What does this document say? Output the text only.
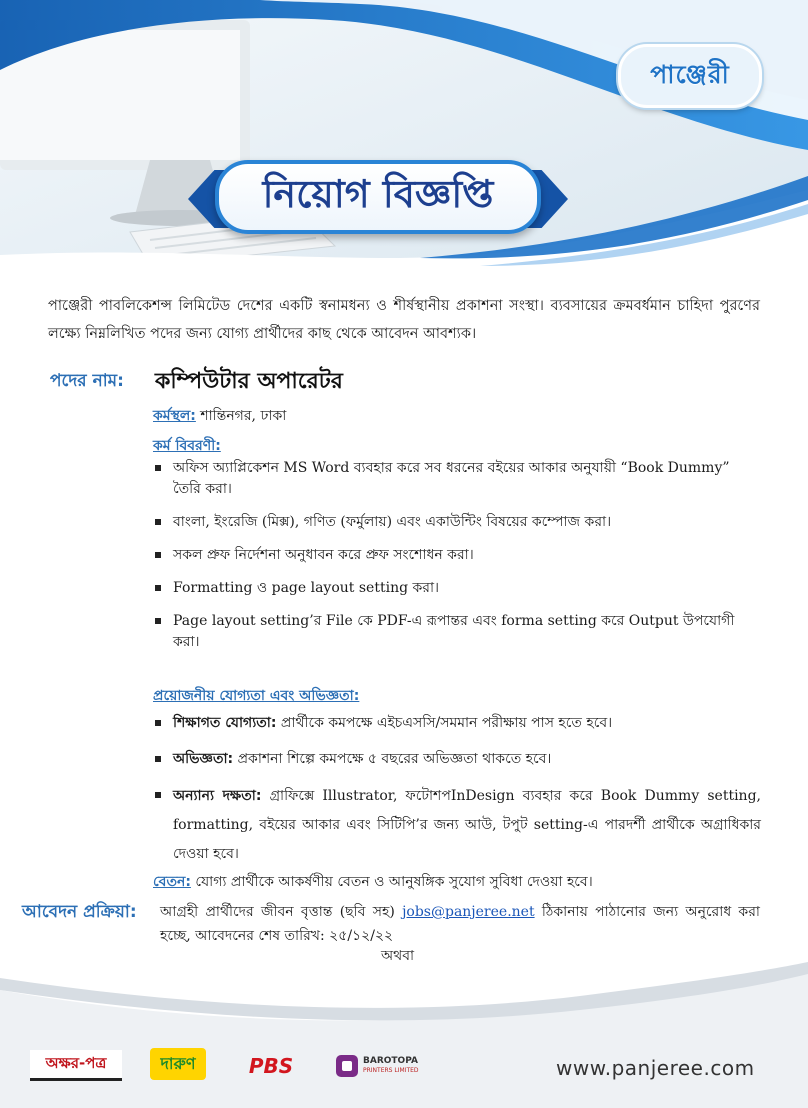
পাঞ্জেরী
নিয়োগ বিজ্ঞপ্তি
পাঞ্জেরী পাবলিকেশন্স লিমিটেড দেশের একটি স্বনামধন্য ও শীর্ষস্থানীয় প্রকাশনা সংস্থা। ব্যবসায়ের ক্রমবর্ধমান চাহিদা পুরণের লক্ষ্যে নিম্নলিখিত পদের জন্য যোগ্য প্রার্থীদের কাছ থেকে আবেদন আবশ্যক।
পদের নাম: কম্পিউটার অপারেটর
কর্মস্থল: শান্তিনগর, ঢাকা
কর্ম বিবরণী:
অফিস অ্যাপ্লিকেশন MS Word ব্যবহার করে সব ধরনের বইয়ের আকার অনুযায়ী “Book Dummy” তৈরি করা।
বাংলা, ইংরেজি (মিক্স), গণিত (ফর্মুলায়) এবং একাউন্টিং বিষয়ের কম্পোজ করা।
সকল প্রুফ নির্দেশনা অনুধাবন করে প্রুফ সংশোধন করা।
Formatting ও page layout setting করা।
Page layout setting’র File কে PDF-এ রূপান্তর এবং forma setting করে Output উপযোগী করা।
প্রয়োজনীয় যোগ্যতা এবং অভিজ্ঞতা:
শিক্ষাগত যোগ্যতা: প্রার্থীকে কমপক্ষে এইচএসসি/সমমান পরীক্ষায় পাস হতে হবে।
অভিজ্ঞতা: প্রকাশনা শিল্পে কমপক্ষে ৫ বছরের অভিজ্ঞতা থাকতে হবে।
অন্যান্য দক্ষতা: গ্রাফিক্সে Illustrator, ফটোশপInDesign ব্যবহার করে Book Dummy setting, formatting, বইয়ের আকার এবং সিটিপি’র জন্য আউ, টপুট setting-এ পারদর্শী প্রার্থীকে অগ্রাধিকার দেওয়া হবে।
বেতন: যোগ্য প্রার্থীকে আকর্ষণীয় বেতন ও আনুষঙ্গিক সুযোগ সুবিধা দেওয়া হবে।
আবেদন প্রক্রিয়া: আগ্রহী প্রার্থীদের জীবন বৃত্তান্ত (ছবি সহ) jobs@panjeree.net ঠিকানায় পাঠানোর জন্য অনুরোধ করা হচ্ছে, আবেদনের শেষ তারিখ: ২৫/১২/২২
অথবা
অক্ষর-পত্র	দারুণ	PBS	BAROTOPA
PRINTERS LIMITED	www.panjeree.com
